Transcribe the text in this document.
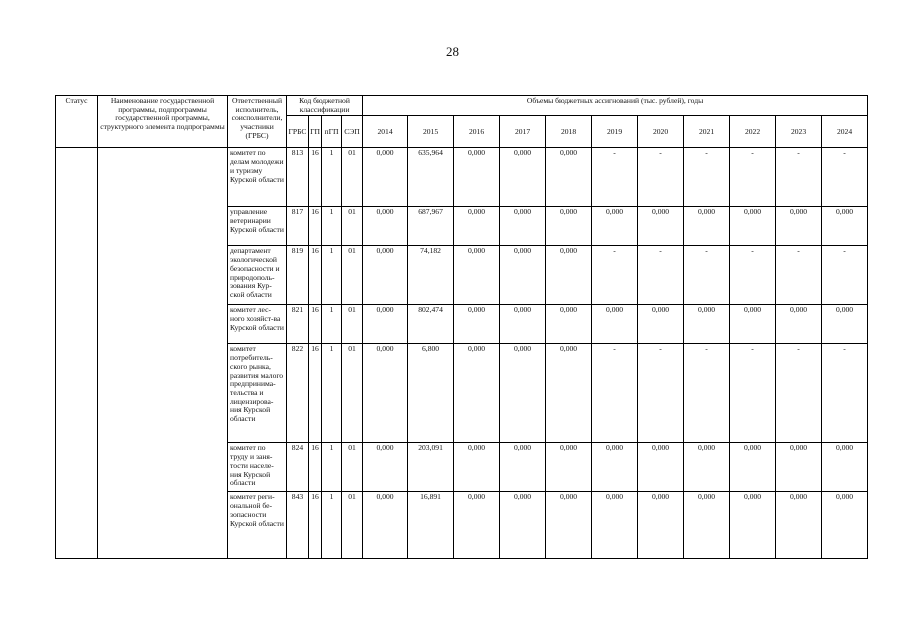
28
Статус	Наименование государственной программы, подпрограммы государственной программы, структурного элемента подпрограммы	Ответственный исполнитель, соисполнители, участники (ГРБС)	Код бюджетной классификации				Объемы бюджетных ассигнований (тыс. рублей), годы										
			ГРБС	ГП	пГП	СЭП	2014	2015	2016	2017	2018	2019	2020	2021	2022	2023	2024
		комитет по делам молодежи и туризму Курской области	813	16	1	01	0,000	635,964	0,000	0,000	0,000	-	-	-	-	-	-
		управление ветеринарии Курской области	817	16	1	01	0,000	687,967	0,000	0,000	0,000	0,000	0,000	0,000	0,000	0,000	0,000
		департамент экологической безопасности и природополь-зования Кур-ской области	819	16	1	01	0,000	74,182	0,000	0,000	0,000	-	-	-	-	-	-
		комитет лес-ного хозяйст-ва Курской области	821	16	1	01	0,000	802,474	0,000	0,000	0,000	0,000	0,000	0,000	0,000	0,000	0,000
		комитет потребитель-ского рынка, развития малого предпринима-тельства и лицензирова-ния Курской области	822	16	1	01	0,000	6,800	0,000	0,000	0,000	-	-	-	-	-	-
		комитет по труду и заня-тости населе-ния Курской области	824	16	1	01	0,000	203,091	0,000	0,000	0,000	0,000	0,000	0,000	0,000	0,000	0,000
		комитет реги-ональной бе-зопасности Курской области	843	16	1	01	0,000	16,891	0,000	0,000	0,000	0,000	0,000	0,000	0,000	0,000	0,000
